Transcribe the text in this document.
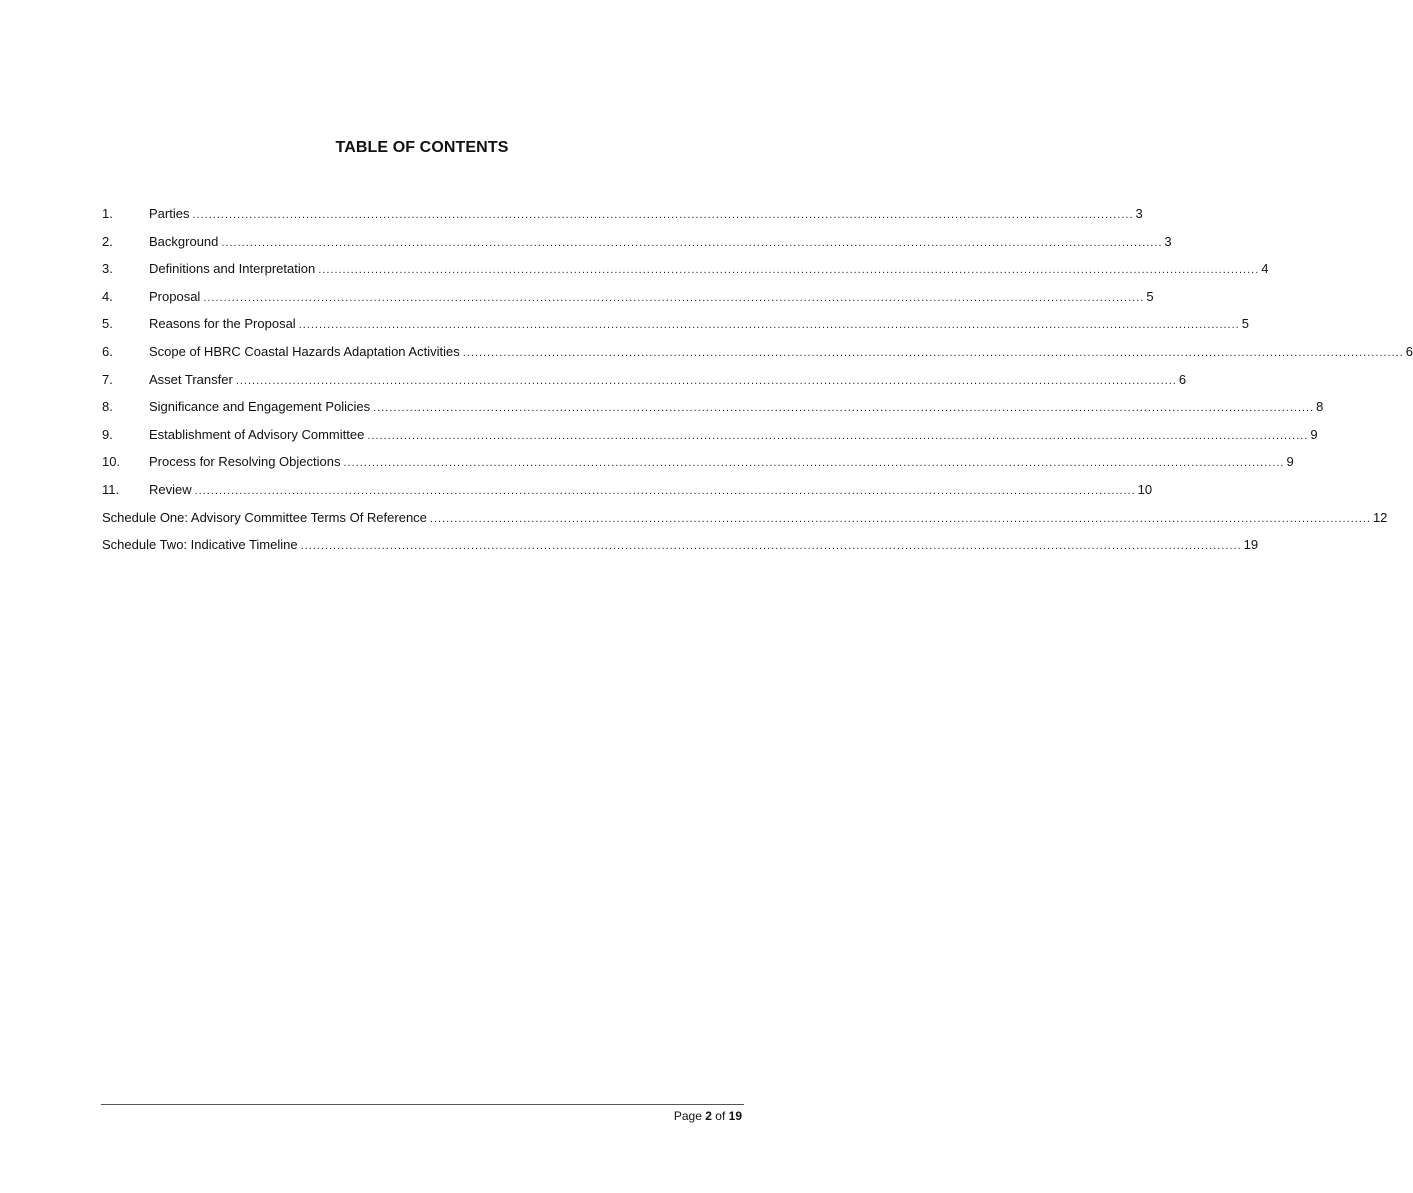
TABLE OF CONTENTS
1.	Parties ........................................................................................................................................................................................................................................ 3
2.	Background ........................................................................................................................................................................................................................................ 3
3.	Definitions and Interpretation ........................................................................................................................................................................................................................................ 4
4.	Proposal ........................................................................................................................................................................................................................................ 5
5.	Reasons for the Proposal ........................................................................................................................................................................................................................................ 5
6.	Scope of HBRC Coastal Hazards Adaptation Activities ........................................................................................................................................................................................................................................ 6
7.	Asset Transfer ........................................................................................................................................................................................................................................ 6
8.	Significance and Engagement Policies ........................................................................................................................................................................................................................................ 8
9.	Establishment of Advisory Committee ........................................................................................................................................................................................................................................ 9
10.	Process for Resolving Objections ........................................................................................................................................................................................................................................ 9
11.	Review ........................................................................................................................................................................................................................................ 10
Schedule One: Advisory Committee Terms Of Reference ........................................................................................................................................................................................................................................ 12
Schedule Two: Indicative Timeline ........................................................................................................................................................................................................................................ 19
Page 2 of 19
